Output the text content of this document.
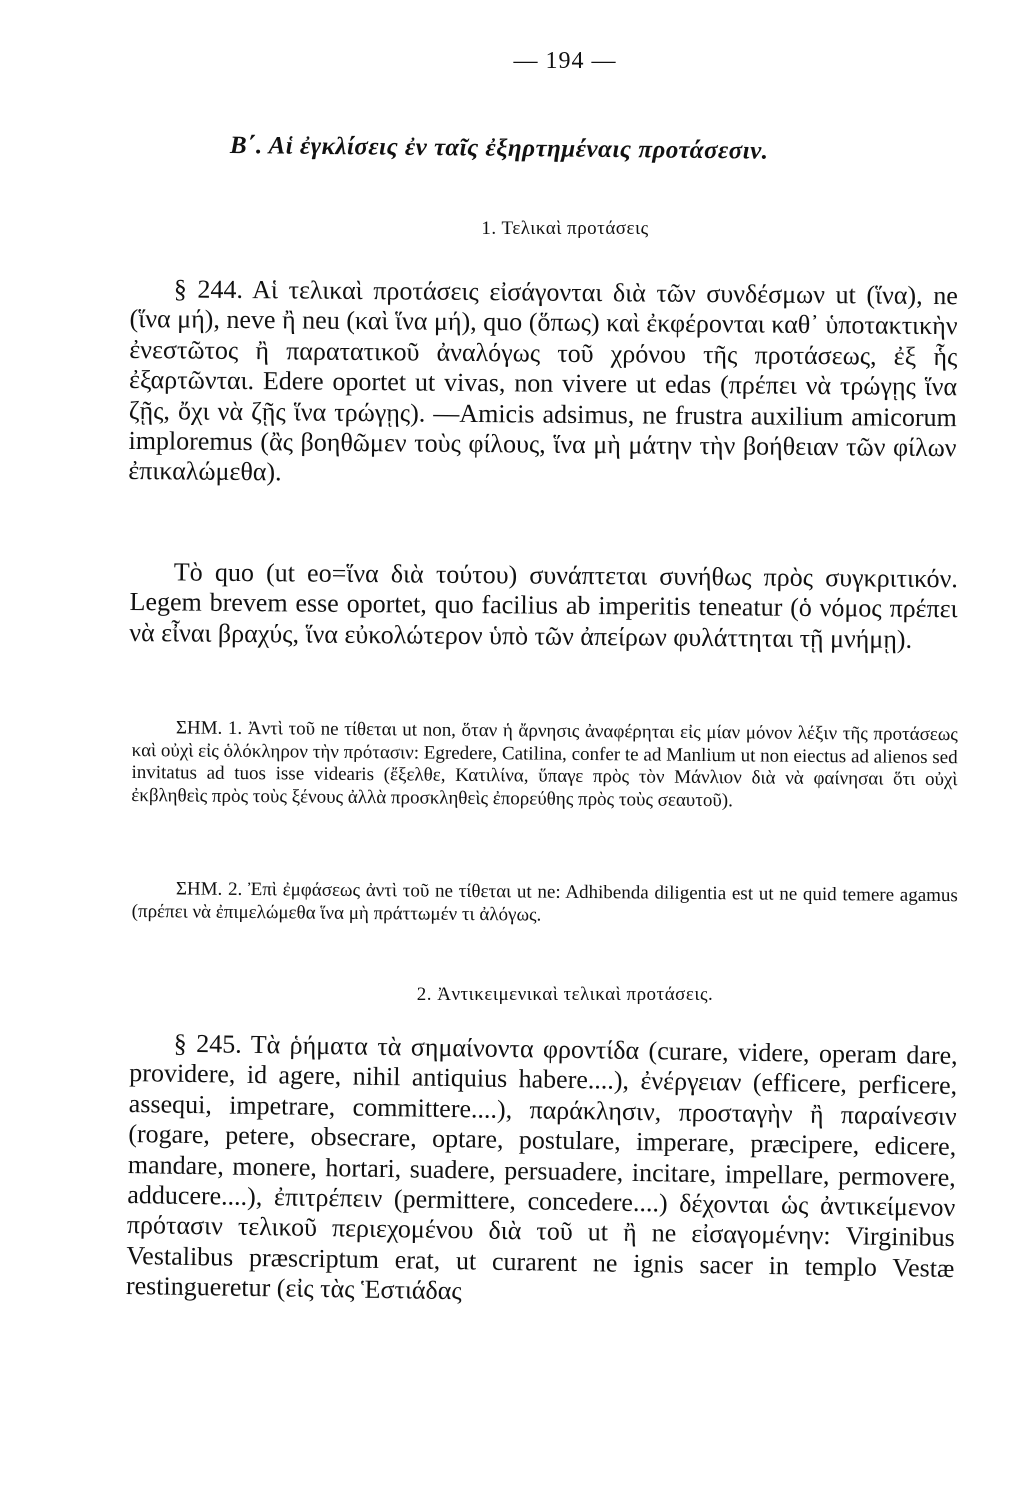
— 194 —
Β΄. Αἱ ἐγκλίσεις ἐν ταῖς ἐξηρτημέναις προτάσεσιν.
1. Τελικαὶ προτάσεις

§ 244. Αἱ τελικαὶ προτάσεις εἰσάγονται διὰ τῶν συνδέσμων ut (ἵνα), ne (ἵνα μή), neve ἢ neu (καὶ ἵνα μή), quo (ὅπως) καὶ ἐκφέρονται καθ᾿ ὑποτακτικὴν ἐνεστῶτος ἢ παρατατικοῦ ἀναλόγως τοῦ χρόνου τῆς προτάσεως, ἐξ ἧς ἐξαρτῶνται. Edere oportet ut vivas, non vivere ut edas (πρέπει νὰ τρώγῃς ἵνα ζῇς, ὄχι νὰ ζῇς ἵνα τρώγῃς). —Amicis adsimus, ne frustra auxilium amicorum imploremus (ἂς βοηθῶμεν τοὺς φίλους, ἵνα μὴ μάτην τὴν βοήθειαν τῶν φίλων ἐπικαλώμεθα).

Τὸ quo (ut eo=ἵνα διὰ τούτου) συνάπτεται συνήθως πρὸς συγκριτικόν. Legem brevem esse oportet, quo facilius ab imperitis teneatur (ὁ νόμος πρέπει νὰ εἶναι βραχύς, ἵνα εὐκολώτερον ὑπὸ τῶν ἀπείρων φυλάττηται τῇ μνήμῃ).

ΣΗΜ. 1. Ἀντὶ τοῦ ne τίθεται ut non, ὅταν ἡ ἄρνησις ἀναφέρηται εἰς μίαν μόνον λέξιν τῆς προτάσεως καὶ οὐχὶ εἰς ὁλόκληρον τὴν πρότασιν: Egredere, Catilina, confer te ad Manlium ut non eiectus ad alienos sed invitatus ad tuos isse videaris (ἔξελθε, Κατιλίνα, ὕπαγε πρὸς τὸν Μάνλιον διὰ νὰ φαίνησαι ὅτι οὐχὶ ἐκβληθεὶς πρὸς τοὺς ξένους ἀλλὰ προσκληθεὶς ἐπορεύθης πρὸς τοὺς σεαυτοῦ).

ΣΗΜ. 2. Ἐπὶ ἐμφάσεως ἀντὶ τοῦ ne τίθεται ut ne: Adhibenda diligentia est ut ne quid temere agamus (πρέπει νὰ ἐπιμελώμεθα ἵνα μὴ πράττωμέν τι ἀλόγως.

2. Ἀντικειμενικαὶ τελικαὶ προτάσεις.

§ 245. Τὰ ῥήματα τὰ σημαίνοντα φροντίδα (curare, videre, operam dare, providere, id agere, nihil antiquius habere....), ἐνέργειαν (efficere, perficere, assequi, impetrare, committere....), παράκλησιν, προσταγὴν ἢ παραίνεσιν (rogare, petere, obsecrare, optare, postulare, imperare, præcipere, edicere, mandare, monere, hortari, suadere, persuadere, incitare, impellare, permovere, adducere....), ἐπιτρέπειν (permittere, concedere....) δέχονται ὡς ἀντικείμενον πρότασιν τελικοῦ περιεχομένου διὰ τοῦ ut ἢ ne εἰσαγομένην: Virginibus Vestalibus præscriptum erat, ut curarent ne ignis sacer in templo Vestæ restingueretur (εἰς τὰς Ἑστιάδας
